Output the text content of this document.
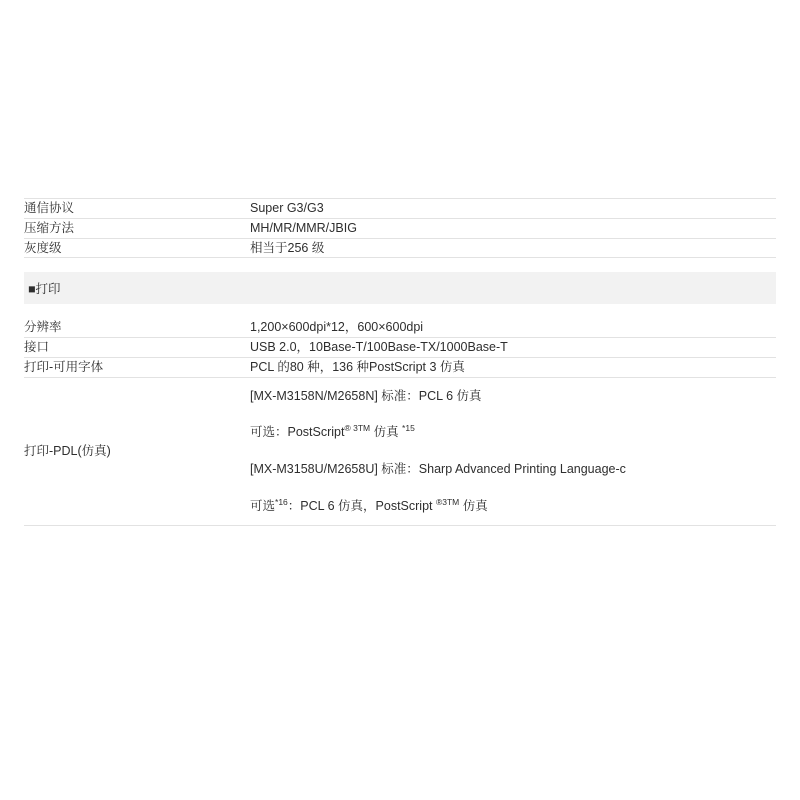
通信协议	Super G3/G3
压缩方法	MH/MR/MMR/JBIG
灰度级	相当于256 级

■打印	

分辨率	1,200×600dpi*12，600×600dpi
接口	USB 2.0，10Base-T/100Base-TX/1000Base-T
打印-可用字体	PCL 的80 种，136 种PostScript 3 仿真
打印-PDL(仿真)	[MX-M3158N/M2658N] 标准：PCL 6 仿真
可选：PostScript$^{® 3TM}$ 仿真 $^{*15}$
[MX-M3158U/M2658U] 标准：Sharp Advanced Printing Language-c
可选$^{*16}$：PCL 6 仿真，PostScript $^{®3TM}$ 仿真
